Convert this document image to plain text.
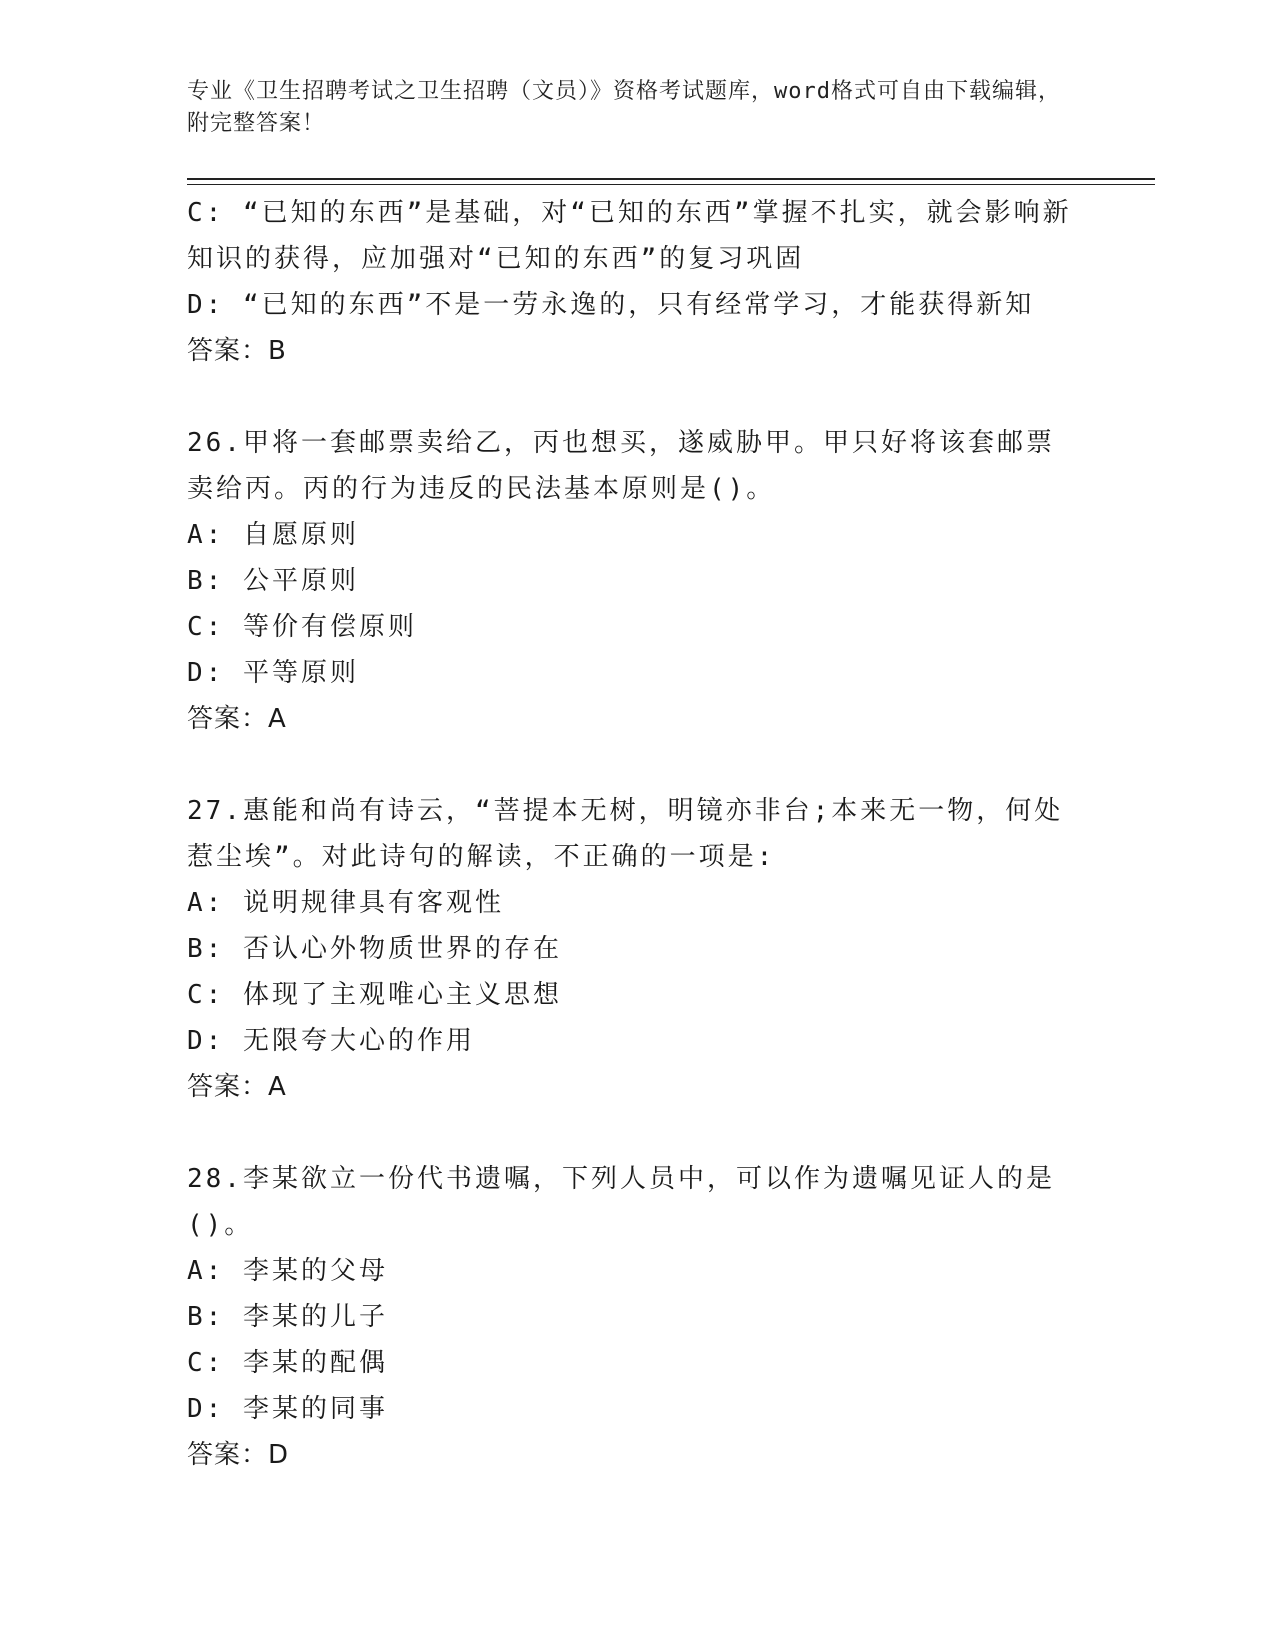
专业《卫生招聘考试之卫生招聘（文员）》资格考试题库，word格式可自由下载编辑，附完整答案！

C: “已知的东西”是基础，对“已知的东西”掌握不扎实，就会影响新知识的获得，应加强对“已知的东西”的复习巩固

D: “已知的东西”不是一劳永逸的，只有经常学习，才能获得新知

答案：B

26.甲将一套邮票卖给乙，丙也想买，遂威胁甲。甲只好将该套邮票卖给丙。丙的行为违反的民法基本原则是()。

A: 自愿原则

B: 公平原则

C: 等价有偿原则

D: 平等原则

答案：A

27.惠能和尚有诗云，“菩提本无树，明镜亦非台;本来无一物，何处惹尘埃”。对此诗句的解读，不正确的一项是:

A: 说明规律具有客观性

B: 否认心外物质世界的存在

C: 体现了主观唯心主义思想

D: 无限夸大心的作用

答案：A

28.李某欲立一份代书遗嘱，下列人员中，可以作为遗嘱见证人的是()。

A: 李某的父母

B: 李某的儿子

C: 李某的配偶

D: 李某的同事

答案：D
